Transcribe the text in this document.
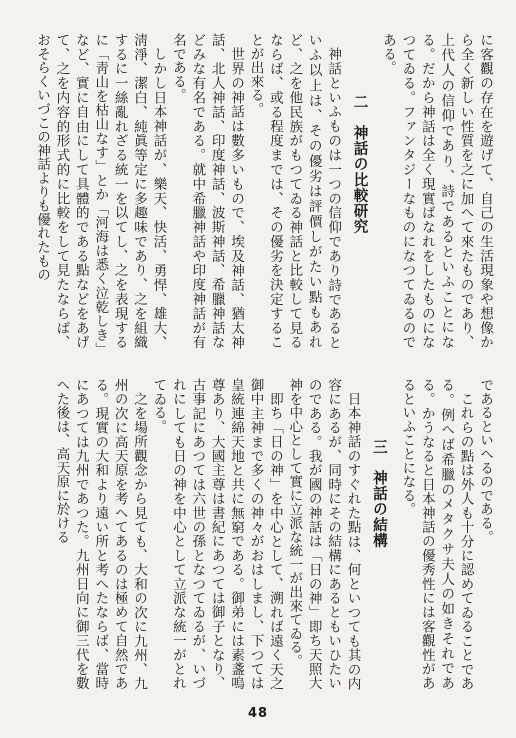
に客觀の存在を遊げて、自己の生活現象や想像から全く新しい性質を之に加へて來たものであり、上代人の信仰であり、詩であるといふことになる。だから神話は全く現實ばなれをしたものになつてゐる。ファンタジーなものになつてゐるのである。

二　神話の比較研究

神話といふものは一つの信仰であり詩であるといふ以上は、その優劣は評價しがたい點もあれど、之を他民族がもつてゐる神話と比較して見るならば、或る程度までは、その優劣を決定することが出來る。

世界の神話は數多いもので、埃及神話、猶太神話、北人神話、印度神話、波斯神話、希臘神話などみな有名である。就中希臘神話や印度神話が有名である。

しかし日本神話が、樂天、快活、勇悍、雄大、淸淨、潔白、純眞等定に多趣味であり、之を組織するに一絲亂れざる統一を以てし、之を表現するに「靑山を枯山なす」とか「河海は悉く泣乾しき」など、實に自由にして具體的である點などをあげて、之を内容的形式的に比較をして見たならば、おそらくいづこの神話よりも優れたもの

であるといへるのである。

これらの點は外人も十分に認めてゐることである。例へば希臘のメタクサ夫人の如きそれである。かうなると日本神話の優秀性には客觀性があるといふことになる。

三　神話の結構

日本神話のすぐれた點は、何といつても其の内容にあるが、同時にその結構にあるともいひたいのである。我が國の神話は「日の神」即ち天照大神を中心として實に立派な統一が出來てゐる。

即ち「日の神」を中心として、溯れば遠く天之御中主神まで多くの神々がおはしまし、下つては皇統連綿天地と共に無窮である。御弟には素盞嗚尊あり、大國主尊は書紀にあつては御子となり、古事記にあつては六世の孫となつてゐるが、いづれにしても日の神を中心として立派な統一がとれてゐる。

之を場所觀念から見ても、大和の次に九州、九州の次に高天原を考へてあるのは極めて自然である。現實の大和より遠い所と考へたならば、當時にあつては九州であつた。九州日向に御三代を數へた後は、高天原に於ける

48
